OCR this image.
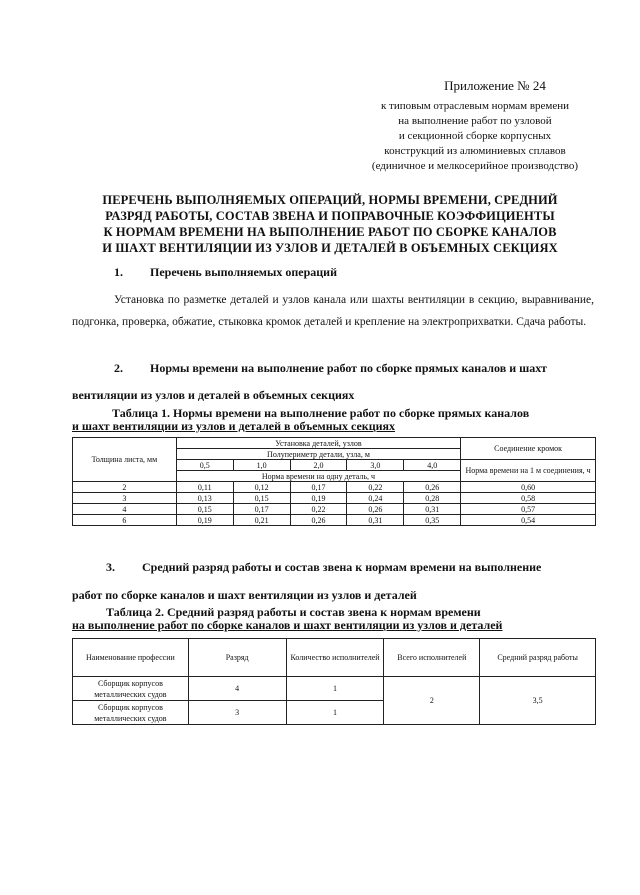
Приложение № 24
к типовым отраслевым нормам времени
на выполнение работ по узловой
и секционной сборке корпусных
конструкций из алюминиевых сплавов
(единичное и мелкосерийное производство)
ПЕРЕЧЕНЬ ВЫПОЛНЯЕМЫХ ОПЕРАЦИЙ, НОРМЫ ВРЕМЕНИ, СРЕДНИЙ
РАЗРЯД РАБОТЫ, СОСТАВ ЗВЕНА И ПОПРАВОЧНЫЕ КОЭФФИЦИЕНТЫ
К НОРМАМ ВРЕМЕНИ НА ВЫПОЛНЕНИЕ РАБОТ ПО СБОРКЕ КАНАЛОВ
И ШАХТ ВЕНТИЛЯЦИИ ИЗ УЗЛОВ И ДЕТАЛЕЙ В ОБЪЕМНЫХ СЕКЦИЯХ
1. Перечень выполняемых операций
Установка по разметке деталей и узлов канала или шахты вентиляции в секцию, выравнивание, подгонка, проверка, обжатие, стыковка кромок деталей и крепление на электроприхватки. Сдача работы.
2. Нормы времени на выполнение работ по сборке прямых каналов и шахт
вентиляции из узлов и деталей в объемных секциях
Таблица 1. Нормы времени на выполнение работ по сборке прямых каналов
и шахт вентиляции из узлов и деталей в объемных секциях
Толщина листа, мм	Установка деталей, узлов					Соединение кромок
	Полупериметр детали, узла, м					
	0,5	1,0	2,0	3,0	4,0	Норма времени на 1 м соединения, ч
	Норма времени на одну деталь, ч					
2	0,11	0,12	0,17	0,22	0,26	0,60
3	0,13	0,15	0,19	0,24	0,28	0,58
4	0,15	0,17	0,22	0,26	0,31	0,57
6	0,19	0,21	0,26	0,31	0,35	0,54
3. Средний разряд работы и состав звена к нормам времени на выполнение
работ по сборке каналов и шахт вентиляции из узлов и деталей
Таблица 2. Средний разряд работы и состав звена к нормам времени
на выполнение работ по сборке каналов и шахт вентиляции из узлов и деталей
Наименование профессии	Разряд	Количество исполнителей	Всего исполнителей	Средний разряд работы
Сборщик корпусов металлических судов	4	1	2	3,5
Сборщик корпусов металлических судов	3	1		
